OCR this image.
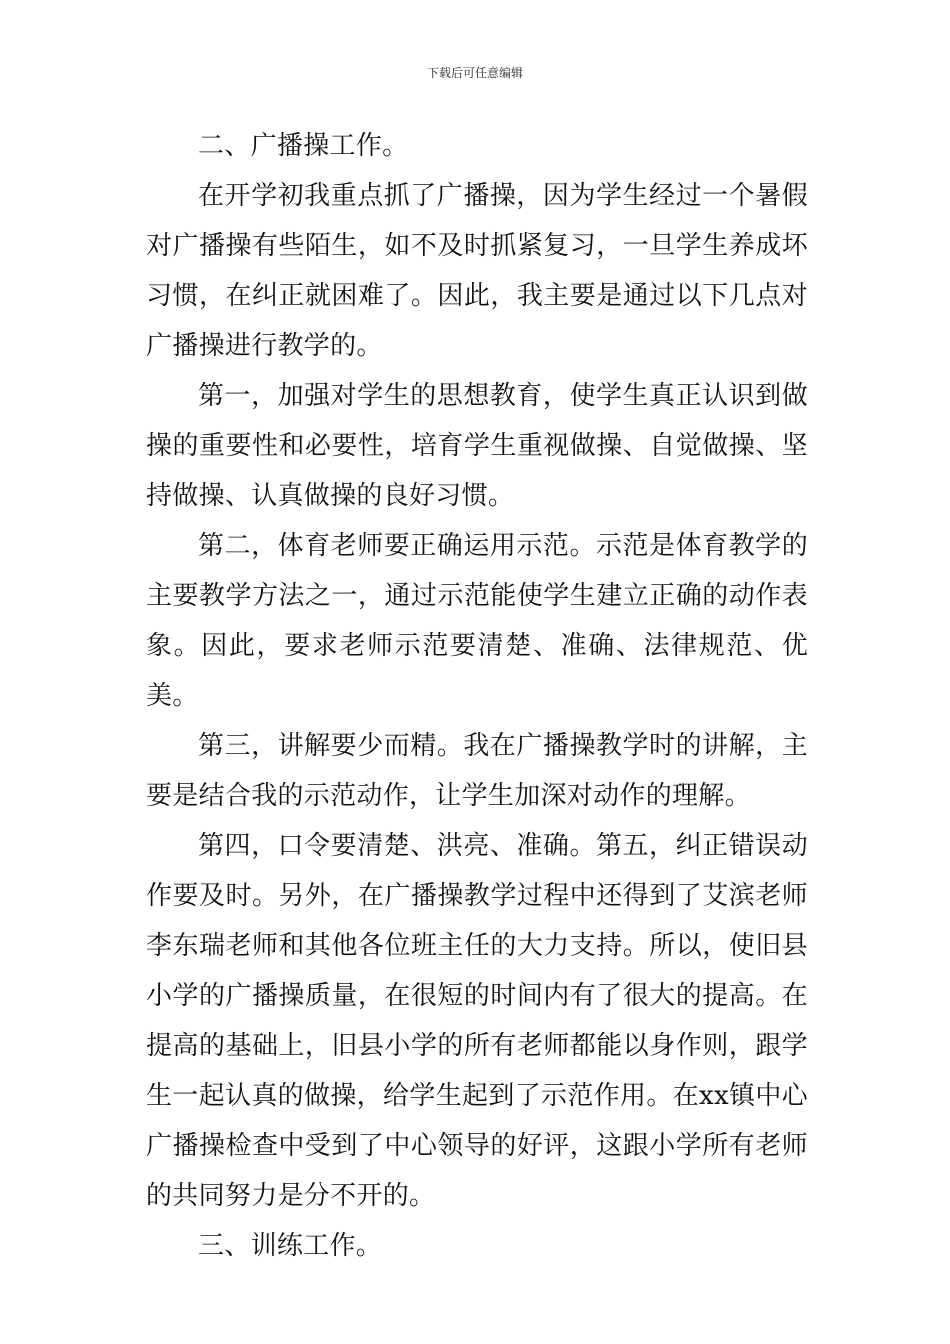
下载后可任意编辑

二、广播操工作。

在开学初我重点抓了广播操，因为学生经过一个暑假对广播操有些陌生，如不及时抓紧复习，一旦学生养成坏习惯，在纠正就困难了。因此，我主要是通过以下几点对广播操进行教学的。

第一，加强对学生的思想教育，使学生真正认识到做操的重要性和必要性，培育学生重视做操、自觉做操、坚持做操、认真做操的良好习惯。

第二，体育老师要正确运用示范。示范是体育教学的主要教学方法之一，通过示范能使学生建立正确的动作表象。因此，要求老师示范要清楚、准确、法律规范、优美。

第三，讲解要少而精。我在广播操教学时的讲解，主要是结合我的示范动作，让学生加深对动作的理解。

第四，口令要清楚、洪亮、准确。第五，纠正错误动作要及时。另外，在广播操教学过程中还得到了艾滨老师李东瑞老师和其他各位班主任的大力支持。所以，使旧县小学的广播操质量，在很短的时间内有了很大的提高。在提高的基础上，旧县小学的所有老师都能以身作则，跟学生一起认真的做操，给学生起到了示范作用。在xx镇中心广播操检查中受到了中心领导的好评，这跟小学所有老师的共同努力是分不开的。

三、训练工作。
